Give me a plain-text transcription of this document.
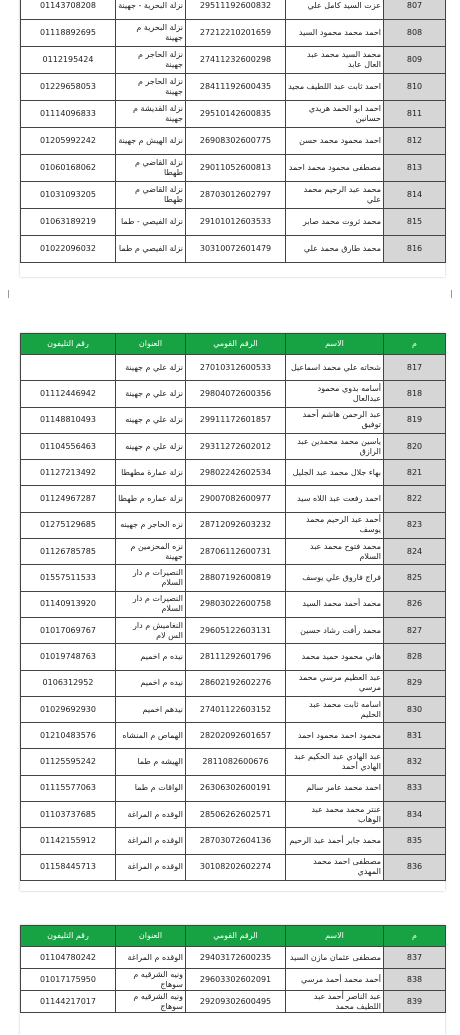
01143708208	نزلة البحرية - جهينة	29511192600832	عزت السيد كامل علي	807
01118892695	نزلة البحرية م جهينة	27212210201659	احمد محمد محمود السيد	808
0112195424	نزلة الحاجر م جهينة	27411232600298	محمد السيد محمد عبد العال عابد	809
01229658053	نزلة الحاجر م جهينة	28411192600435	احمد ثابت عبد اللطيف مجيد	810
01114096833	نزلة القديشة م جهينة	29510142600835	احمد ابو الحمد هريدي حسانين	811
01205992242	نزلة الهيش م جهينة	26908302600775	احمد محمود محمد حسن	812
01060168062	نزلة القاضي م طهطا	29011052600813	مصطفى محمود محمد احمد	813
01031093205	نزلة القاضي م طهطا	28703012602797	محمد عبد الرحيم محمد علي	814
01063189219	نزلة الفيصي - طما	29101012603533	محمد ثروت محمد صابر	815
01022096032	نزلة الفيصي م طما	30310072601479	محمد طارق محمد علي	816
رقم التليفون	العنوان	الرقم القومي	الاسم	م
	نزلة علي م جهينة	27010312600533	شحاته علي محمد اسماعيل	817
01112446942	نزلة علي م جهينة	29804072600356	أسامه بدوي محمود عبدالعال	818
01148810493	نزلة علي م جهينه	29911172601857	عبد الرحمن هاشم أحمد توفيق	819
01104556463	نزلة علي م جهينه	29311272602012	ياسين محمد محمدين عبد الرازق	820
01127213492	نزلة عمارة مطهطا	29802242602534	بهاء جلال محمد عبد الجليل	821
01124967287	نزلة عماره م طهطا	29007082600977	احمد رفعت عبد اللاه سيد	822
01275129685	نزه الحاجر م جهينه	28712092603232	أحمد عبد الرحيم محمد يوسف	823
01126785785	نزه المحزمين م جهينة	28706112600731	محمد فتوح محمد عبد السلام	824
01557511533	النصيرات م دار السلام	28807192600819	فراج فاروق علي يوسف	825
01140913920	النصيرات م دار السلام	29803022600758	محمد أحمد محمد السيد	826
01017069767	النغاميش م دار الس لام	29605122603131	محمد رأفت رشاد حسين	827
01019748763	نيده م اخميم	28111292601796	هاني محمود حميد محمد	828
0106312952	نيده م اخميم	28602192602276	عبد العظيم مرسي محمد مرسي	829
01029692930	نيدهم اخميم	27401122603152	اسامه ثابت محمد عبد الحليم	830
01210483576	الهماص م المنشاه	28202092601657	محمود احمد محمود احمد	831
01125595242	الهيشه م طما	2811082600676	عبد الهادي عبد الحكيم عبد الهادي أحمد	832
01115577063	الواقات م طما	26306302600191	احمد محمد عامر سالم	833
01103737685	الوقده م المراغة	28506262602571	عنتر محمد محمد عبد الوهاب	834
01142155912	الوقده م المراغة	28703072604136	محمد جابر أحمد عبد الرحيم	835
01158445713	الوقده م المراغة	30108202602274	مصطفى احمد محمد المهدي	836
رقم التليفون	العنوان	الرقم القومي	الاسم	م
01104780242	الوقده م المراغة	29403172600235	مصطفى عثمان مازن السيد	837
01017175950	ونيه الشرقيه م سوهاج	29603302602091	أحمد محمد أحمد مرسي	838
01144217017	ونيه الشرقيه م سوهاج	29209302600495	عبد الناصر أحمد عبد اللطيف محمد	839
